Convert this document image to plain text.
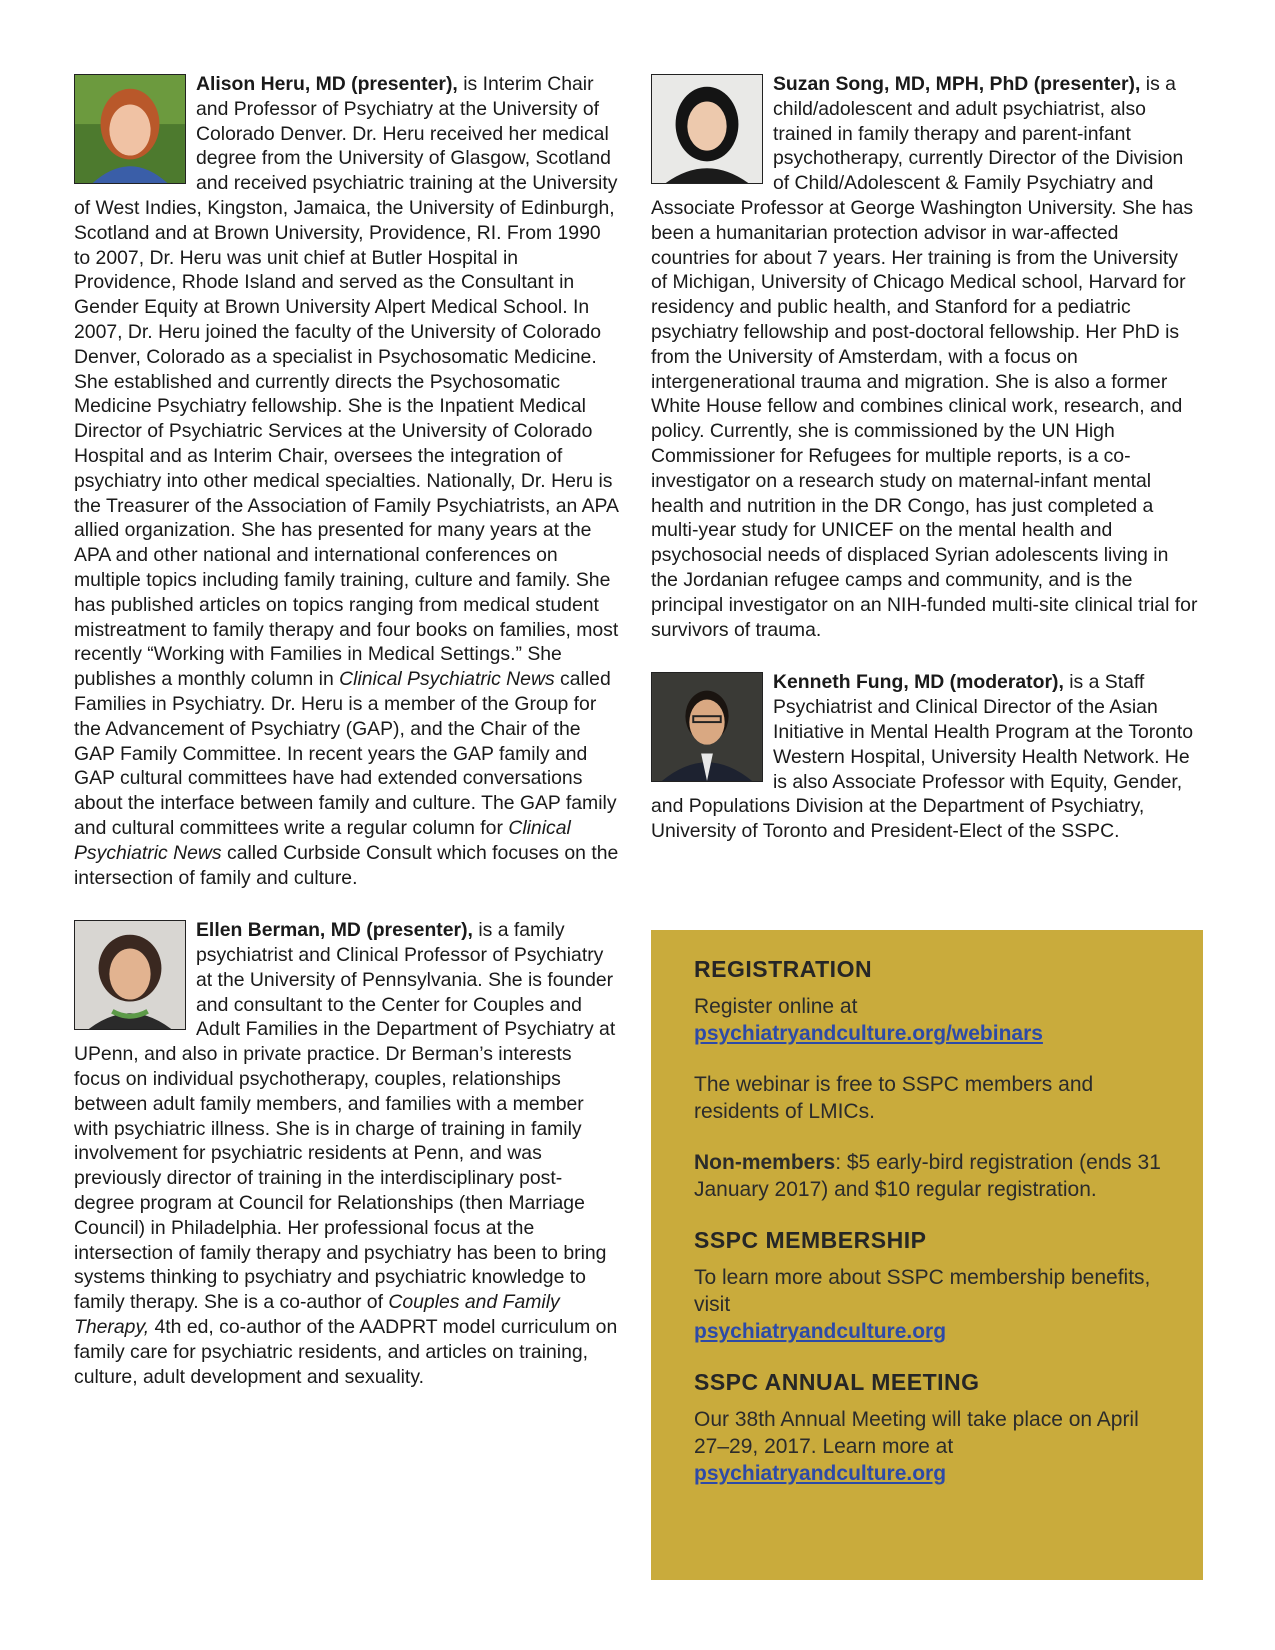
Alison Heru, MD (presenter), is Interim Chair and Professor of Psychiatry at the University of Colorado Denver. Dr. Heru received her medical degree from the University of Glasgow, Scotland and received psychiatric training at the University of West Indies, Kingston, Jamaica, the University of Edinburgh, Scotland and at Brown University, Providence, RI. From 1990 to 2007, Dr. Heru was unit chief at Butler Hospital in Providence, Rhode Island and served as the Consultant in Gender Equity at Brown University Alpert Medical School. In 2007, Dr. Heru joined the faculty of the University of Colorado Denver, Colorado as a specialist in Psychosomatic Medicine. She established and currently directs the Psychosomatic Medicine Psychiatry fellowship. She is the Inpatient Medical Director of Psychiatric Services at the University of Colorado Hospital and as Interim Chair, oversees the integration of psychiatry into other medical specialties. Nationally, Dr. Heru is the Treasurer of the Association of Family Psychiatrists, an APA allied organization. She has presented for many years at the APA and other national and international conferences on multiple topics including family training, culture and family. She has published articles on topics ranging from medical student mistreatment to family therapy and four books on families, most recently “Working with Families in Medical Settings.” She publishes a monthly column in Clinical Psychiatric News called Families in Psychiatry. Dr. Heru is a member of the Group for the Advancement of Psychiatry (GAP), and the Chair of the GAP Family Committee. In recent years the GAP family and GAP cultural committees have had extended conversations about the interface between family and culture. The GAP family and cultural committees write a regular column for Clinical Psychiatric News called Curbside Consult which focuses on the intersection of family and culture.

Ellen Berman, MD (presenter), is a family psychiatrist and Clinical Professor of Psychiatry at the University of Pennsylvania. She is founder and consultant to the Center for Couples and Adult Families in the Department of Psychiatry at UPenn, and also in private practice. Dr Berman’s interests focus on individual psychotherapy, couples, relationships between adult family members, and families with a member with psychiatric illness. She is in charge of training in family involvement for psychiatric residents at Penn, and was previously director of training in the interdisciplinary post-degree program at Council for Relationships (then Marriage Council) in Philadelphia. Her professional focus at the intersection of family therapy and psychiatry has been to bring systems thinking to psychiatry and psychiatric knowledge to family therapy. She is a co-author of Couples and Family Therapy, 4th ed, co-author of the AADPRT model curriculum on family care for psychiatric residents, and articles on training, culture, adult development and sexuality.

Suzan Song, MD, MPH, PhD (presenter), is a child/adolescent and adult psychiatrist, also trained in family therapy and parent-infant psychotherapy, currently Director of the Division of Child/Adolescent & Family Psychiatry and Associate Professor at George Washington University. She has been a humanitarian protection advisor in war-affected countries for about 7 years. Her training is from the University of Michigan, University of Chicago Medical school, Harvard for residency and public health, and Stanford for a pediatric psychiatry fellowship and post-doctoral fellowship. Her PhD is from the University of Amsterdam, with a focus on intergenerational trauma and migration. She is also a former White House fellow and combines clinical work, research, and policy. Currently, she is commissioned by the UN High Commissioner for Refugees for multiple reports, is a co-investigator on a research study on maternal-infant mental health and nutrition in the DR Congo, has just completed a multi-year study for UNICEF on the mental health and psychosocial needs of displaced Syrian adolescents living in the Jordanian refugee camps and community, and is the principal investigator on an NIH-funded multi-site clinical trial for survivors of trauma.

Kenneth Fung, MD (moderator), is a Staff Psychiatrist and Clinical Director of the Asian Initiative in Mental Health Program at the Toronto Western Hospital, University Health Network. He is also Associate Professor with Equity, Gender, and Populations Division at the Department of Psychiatry, University of Toronto and President-Elect of the SSPC.

REGISTRATION

Register online at
psychiatryandculture.org/webinars

The webinar is free to SSPC members and residents of LMICs.

Non-members: $5 early-bird registration (ends 31 January 2017) and $10 regular registration.

SSPC MEMBERSHIP

To learn more about SSPC membership benefits, visit
psychiatryandculture.org

SSPC ANNUAL MEETING

Our 38th Annual Meeting will take place on April 27–29, 2017. Learn more at
psychiatryandculture.org
